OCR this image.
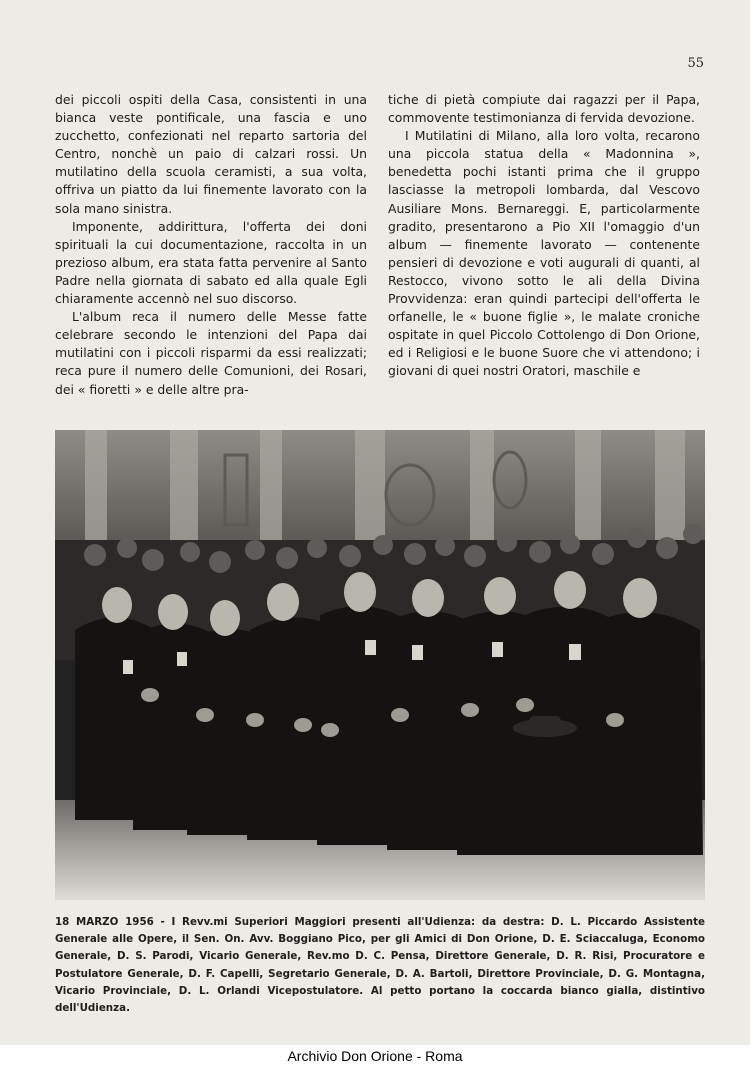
55

dei piccoli ospiti della Casa, consistenti in una bianca veste pontificale, una fascia e uno zucchetto, confezionati nel reparto sartoria del Centro, nonchè un paio di calzari rossi. Un mutilatino della scuola ceramisti, a sua volta, offriva un piatto da lui finemente lavorato con la sola mano sinistra.

Imponente, addirittura, l'offerta dei doni spirituali la cui documentazione, raccolta in un prezioso album, era stata fatta pervenire al Santo Padre nella giornata di sabato ed alla quale Egli chiaramente accennò nel suo discorso.

L'album reca il numero delle Messe fatte celebrare secondo le intenzioni del Papa dai mutilatini con i piccoli risparmi da essi realizzati; reca pure il numero delle Comunioni, dei Rosari, dei « fioretti » e delle altre pra-

tiche di pietà compiute dai ragazzi per il Papa, commovente testimonianza di fervida devozione.

I Mutilatini di Milano, alla loro volta, recarono una piccola statua della « Madonnina », benedetta pochi istanti prima che il gruppo lasciasse la metropoli lombarda, dal Vescovo Ausiliare Mons. Bernareggi. E, particolarmente gradito, presentarono a Pio XII l'omaggio d'un album — finemente lavorato — contenente pensieri di devozione e voti augurali di quanti, al Restocco, vivono sotto le ali della Divina Provvidenza: eran quindi partecipi dell'offerta le orfanelle, le « buone figlie », le malate croniche ospitate in quel Piccolo Cottolengo di Don Orione, ed i Religiosi e le buone Suore che vi attendono; i giovani di quei nostri Oratori, maschile e

18 MARZO 1956 - I Revv.mi Superiori Maggiori presenti all'Udienza: da destra: D. L. Piccardo Assistente Generale alle Opere, il Sen. On. Avv. Boggiano Pico, per gli Amici di Don Orione, D. E. Sciaccaluga, Economo Generale, D. S. Parodi, Vicario Generale, Rev.mo D. C. Pensa, Direttore Generale, D. R. Risi, Procuratore e Postulatore Generale, D. F. Capelli, Segretario Generale, D. A. Bartoli, Direttore Provinciale, D. G. Montagna, Vicario Provinciale, D. L. Orlandi Vicepostulatore. Al petto portano la coccarda bianco gialla, distintivo dell'Udienza.
Archivio Don Orione - Roma
